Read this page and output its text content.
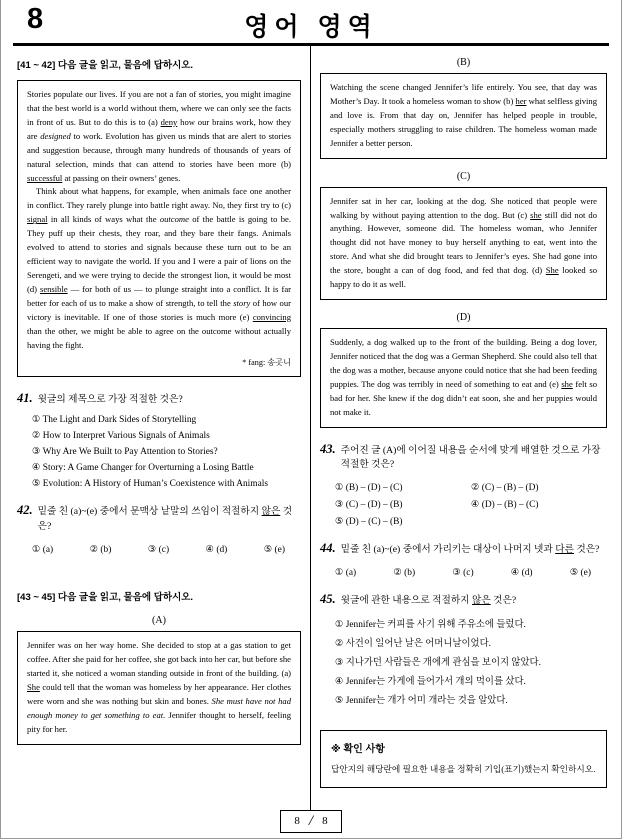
8	영어 영역
[41 ~ 42] 다음 글을 읽고, 물음에 답하시오.

Stories populate our lives. If you are not a fan of stories, you might imagine that the best world is a world without them, where we can only see the facts in front of us. But to do this is to (a) deny how our brains work, how they are designed to work. Evolution has given us minds that are alert to stories and suggestion because, through many hundreds of thousands of years of natural selection, minds that can attend to stories have been more (b) successful at passing on their owners’ genes.

Think about what happens, for example, when animals face one another in conflict. They rarely plunge into battle right away. No, they first try to (c) signal in all kinds of ways what the outcome of the battle is going to be. They puff up their chests, they roar, and they bare their fangs. Animals evolved to attend to stories and signals because these turn out to be an efficient way to navigate the world. If you and I were a pair of lions on the Serengeti, and we were trying to decide the strongest lion, it would be most (d) sensible — for both of us — to plunge straight into a conflict. It is far better for each of us to make a show of strength, to tell the story of how our victory is inevitable. If one of those stories is much more (e) convincing than the other, we might be able to agree on the outcome without actually having the fight.

* fang: 송곳니
41. 윗글의 제목으로 가장 적절한 것은?
① The Light and Dark Sides of Storytelling
② How to Interpret Various Signals of Animals
③ Why Are We Built to Pay Attention to Stories?
④ Story: A Game Changer for Overturning a Losing Battle
⑤ Evolution: A History of Human’s Coexistence with Animals
42. 밑줄 친 (a)~(e) 중에서 문맥상 낱말의 쓰임이 적절하지 않은 것은?
① (a)	② (b)	③ (c)	④ (d)	⑤ (e)
[43 ~ 45] 다음 글을 읽고, 물음에 답하시오.
(A)

Jennifer was on her way home. She decided to stop at a gas station to get coffee. After she paid for her coffee, she got back into her car, but before she started it, she noticed a woman standing outside in front of the building. (a) She could tell that the woman was homeless by her appearance. Her clothes were worn and she was nothing but skin and bones. She must have not had enough money to get something to eat. Jennifer thought to herself, feeling pity for her.

(B)

Watching the scene changed Jennifer’s life entirely. You see, that day was Mother’s Day. It took a homeless woman to show (b) her what selfless giving and love is. From that day on, Jennifer has helped people in trouble, especially mothers struggling to raise children. The homeless woman made Jennifer a better person.

(C)

Jennifer sat in her car, looking at the dog. She noticed that people were walking by without paying attention to the dog. But (c) she still did not do anything. However, someone did. The homeless woman, who Jennifer thought did not have money to buy herself anything to eat, went into the store. And what she did brought tears to Jennifer’s eyes. She had gone into the store, bought a can of dog food, and fed that dog. (d) She looked so happy to do it as well.

(D)

Suddenly, a dog walked up to the front of the building. Being a dog lover, Jennifer noticed that the dog was a German Shepherd. She could also tell that the dog was a mother, because anyone could notice that she had been feeding puppies. The dog was terribly in need of something to eat and (e) she felt so bad for her. She knew if the dog didn’t eat soon, she and her puppies would not make it.

43. 주어진 글 (A)에 이어질 내용을 순서에 맞게 배열한 것으로 가장 적절한 것은?
① (B) – (D) – (C)	② (C) – (B) – (D)
③ (C) – (D) – (B)	④ (D) – (B) – (C)
⑤ (D) – (C) – (B)
44. 밑줄 친 (a)~(e) 중에서 가리키는 대상이 나머지 넷과 다른 것은?
① (a)	② (b)	③ (c)	④ (d)	⑤ (e)
45. 윗글에 관한 내용으로 적절하지 않은 것은?
① Jennifer는 커피를 사기 위해 주유소에 들렀다.
② 사건이 일어난 날은 어머니날이었다.
③ 지나가던 사람들은 개에게 관심을 보이지 않았다.
④ Jennifer는 가게에 들어가서 개의 먹이를 샀다.
⑤ Jennifer는 개가 어미 개라는 것을 알았다.
※ 확인 사항
답안지의 해당란에 필요한 내용을 정확히 기입(표기)했는지 확인하시오.
8 / 8
